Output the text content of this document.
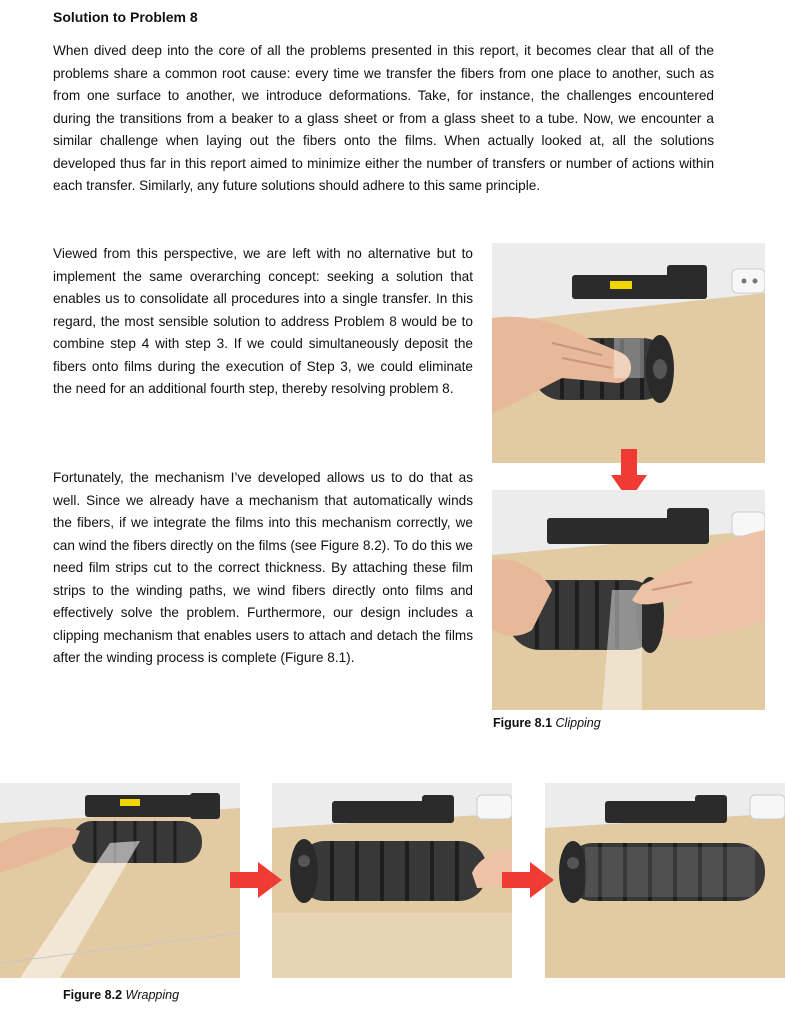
Solution to Problem 8

When dived deep into the core of all the problems presented in this report, it becomes clear that all of the problems share a common root cause: every time we transfer the fibers from one place to another, such as from one surface to another, we introduce deformations. Take, for instance, the challenges encountered during the transitions from a beaker to a glass sheet or from a glass sheet to a tube. Now, we encounter a similar challenge when laying out the fibers onto the films. When actually looked at, all the solutions developed thus far in this report aimed to minimize either the number of transfers or number of actions within each transfer. Similarly, any future solutions should adhere to this same principle.

Viewed from this perspective, we are left with no alternative but to implement the same overarching concept: seeking a solution that enables us to consolidate all procedures into a single transfer. In this regard, the most sensible solution to address Problem 8 would be to combine step 4 with step 3. If we could simultaneously deposit the fibers onto films during the execution of Step 3, we could eliminate the need for an additional fourth step, thereby resolving problem 8.

Fortunately, the mechanism I’ve developed allows us to do that as well. Since we already have a mechanism that automatically winds the fibers, if we integrate the films into this mechanism correctly, we can wind the fibers directly on the films (see Figure 8.2). To do this we need film strips cut to the correct thickness. By attaching these film strips to the winding paths, we wind fibers directly onto films and effectively solve the problem. Furthermore, our design includes a clipping mechanism that enables users to attach and detach the films after the winding process is complete (Figure 8.1).

Figure 8.1 Clipping
Figure 8.2 Wrapping
